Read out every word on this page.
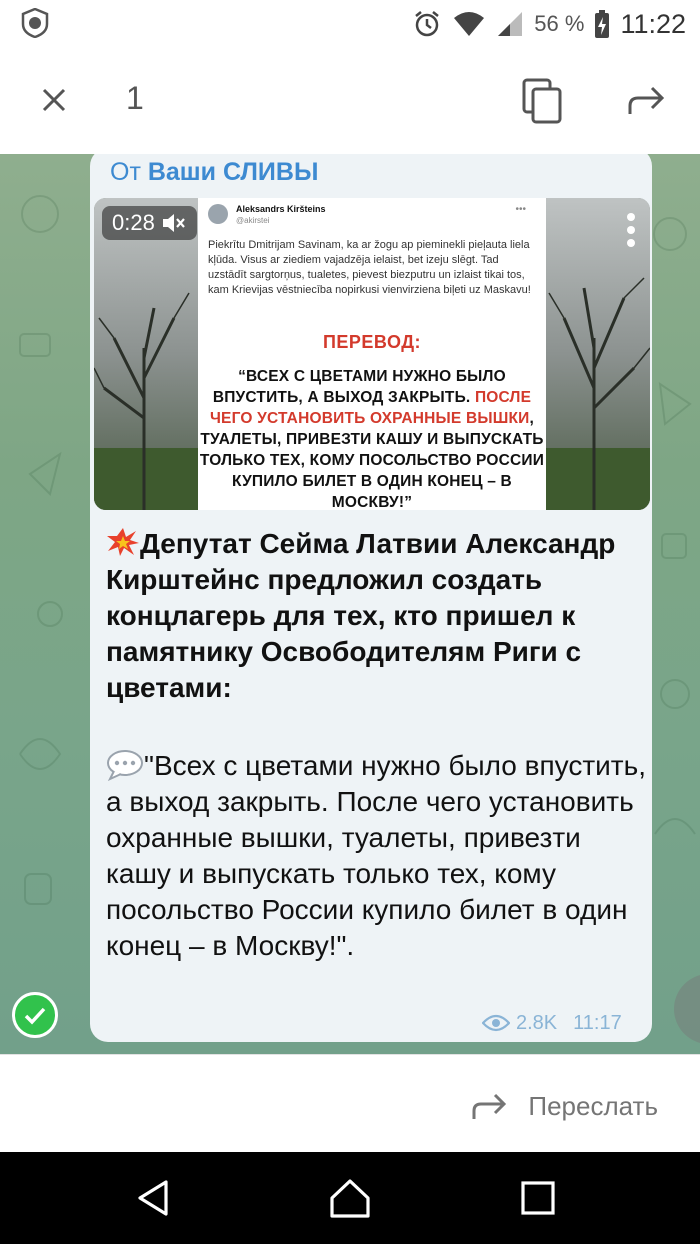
56 % 11:22
1
От Ваши СЛИВЫ
Aleksandrs Kiršteins
@akirstei
•••
Piekrītu Dmitrijam Savinam, ka ar žogu ap pieminekli pieļauta liela kļūda. Visus ar ziediem vajadzēja ielaist, bet izeju slēgt. Tad uzstādīt sargtorņus, tualetes, pievest biezputru un izlaist tikai tos, kam Krievijas vēstniecība nopirkusi vienvirziena biļeti uz Maskavu!
ПЕРЕВОД:
“ВСЕХ С ЦВЕТАМИ НУЖНО БЫЛО ВПУСТИТЬ, А ВЫХОД ЗАКРЫТЬ. ПОСЛЕ ЧЕГО УСТАНОВИТЬ ОХРАННЫЕ ВЫШКИ, ТУАЛЕТЫ, ПРИВЕЗТИ КАШУ И ВЫПУСКАТЬ ТОЛЬКО ТЕХ, КОМУ ПОСОЛЬСТВО РОССИИ КУПИЛО БИЛЕТ В ОДИН КОНЕЦ – В МОСКВУ!”
0:28
Депутат Сейма Латвии Александр Кирштейнс предложил создать концлагерь для тех, кто пришел к памятнику Освободителям Риги с цветами:
"Всех с цветами нужно было впустить, а выход закрыть. После чего установить охранные вышки, туалеты, привезти кашу и выпускать только тех, кому посольство России купило билет в один конец – в Москву!".
2.8K 11:17
Переслать
